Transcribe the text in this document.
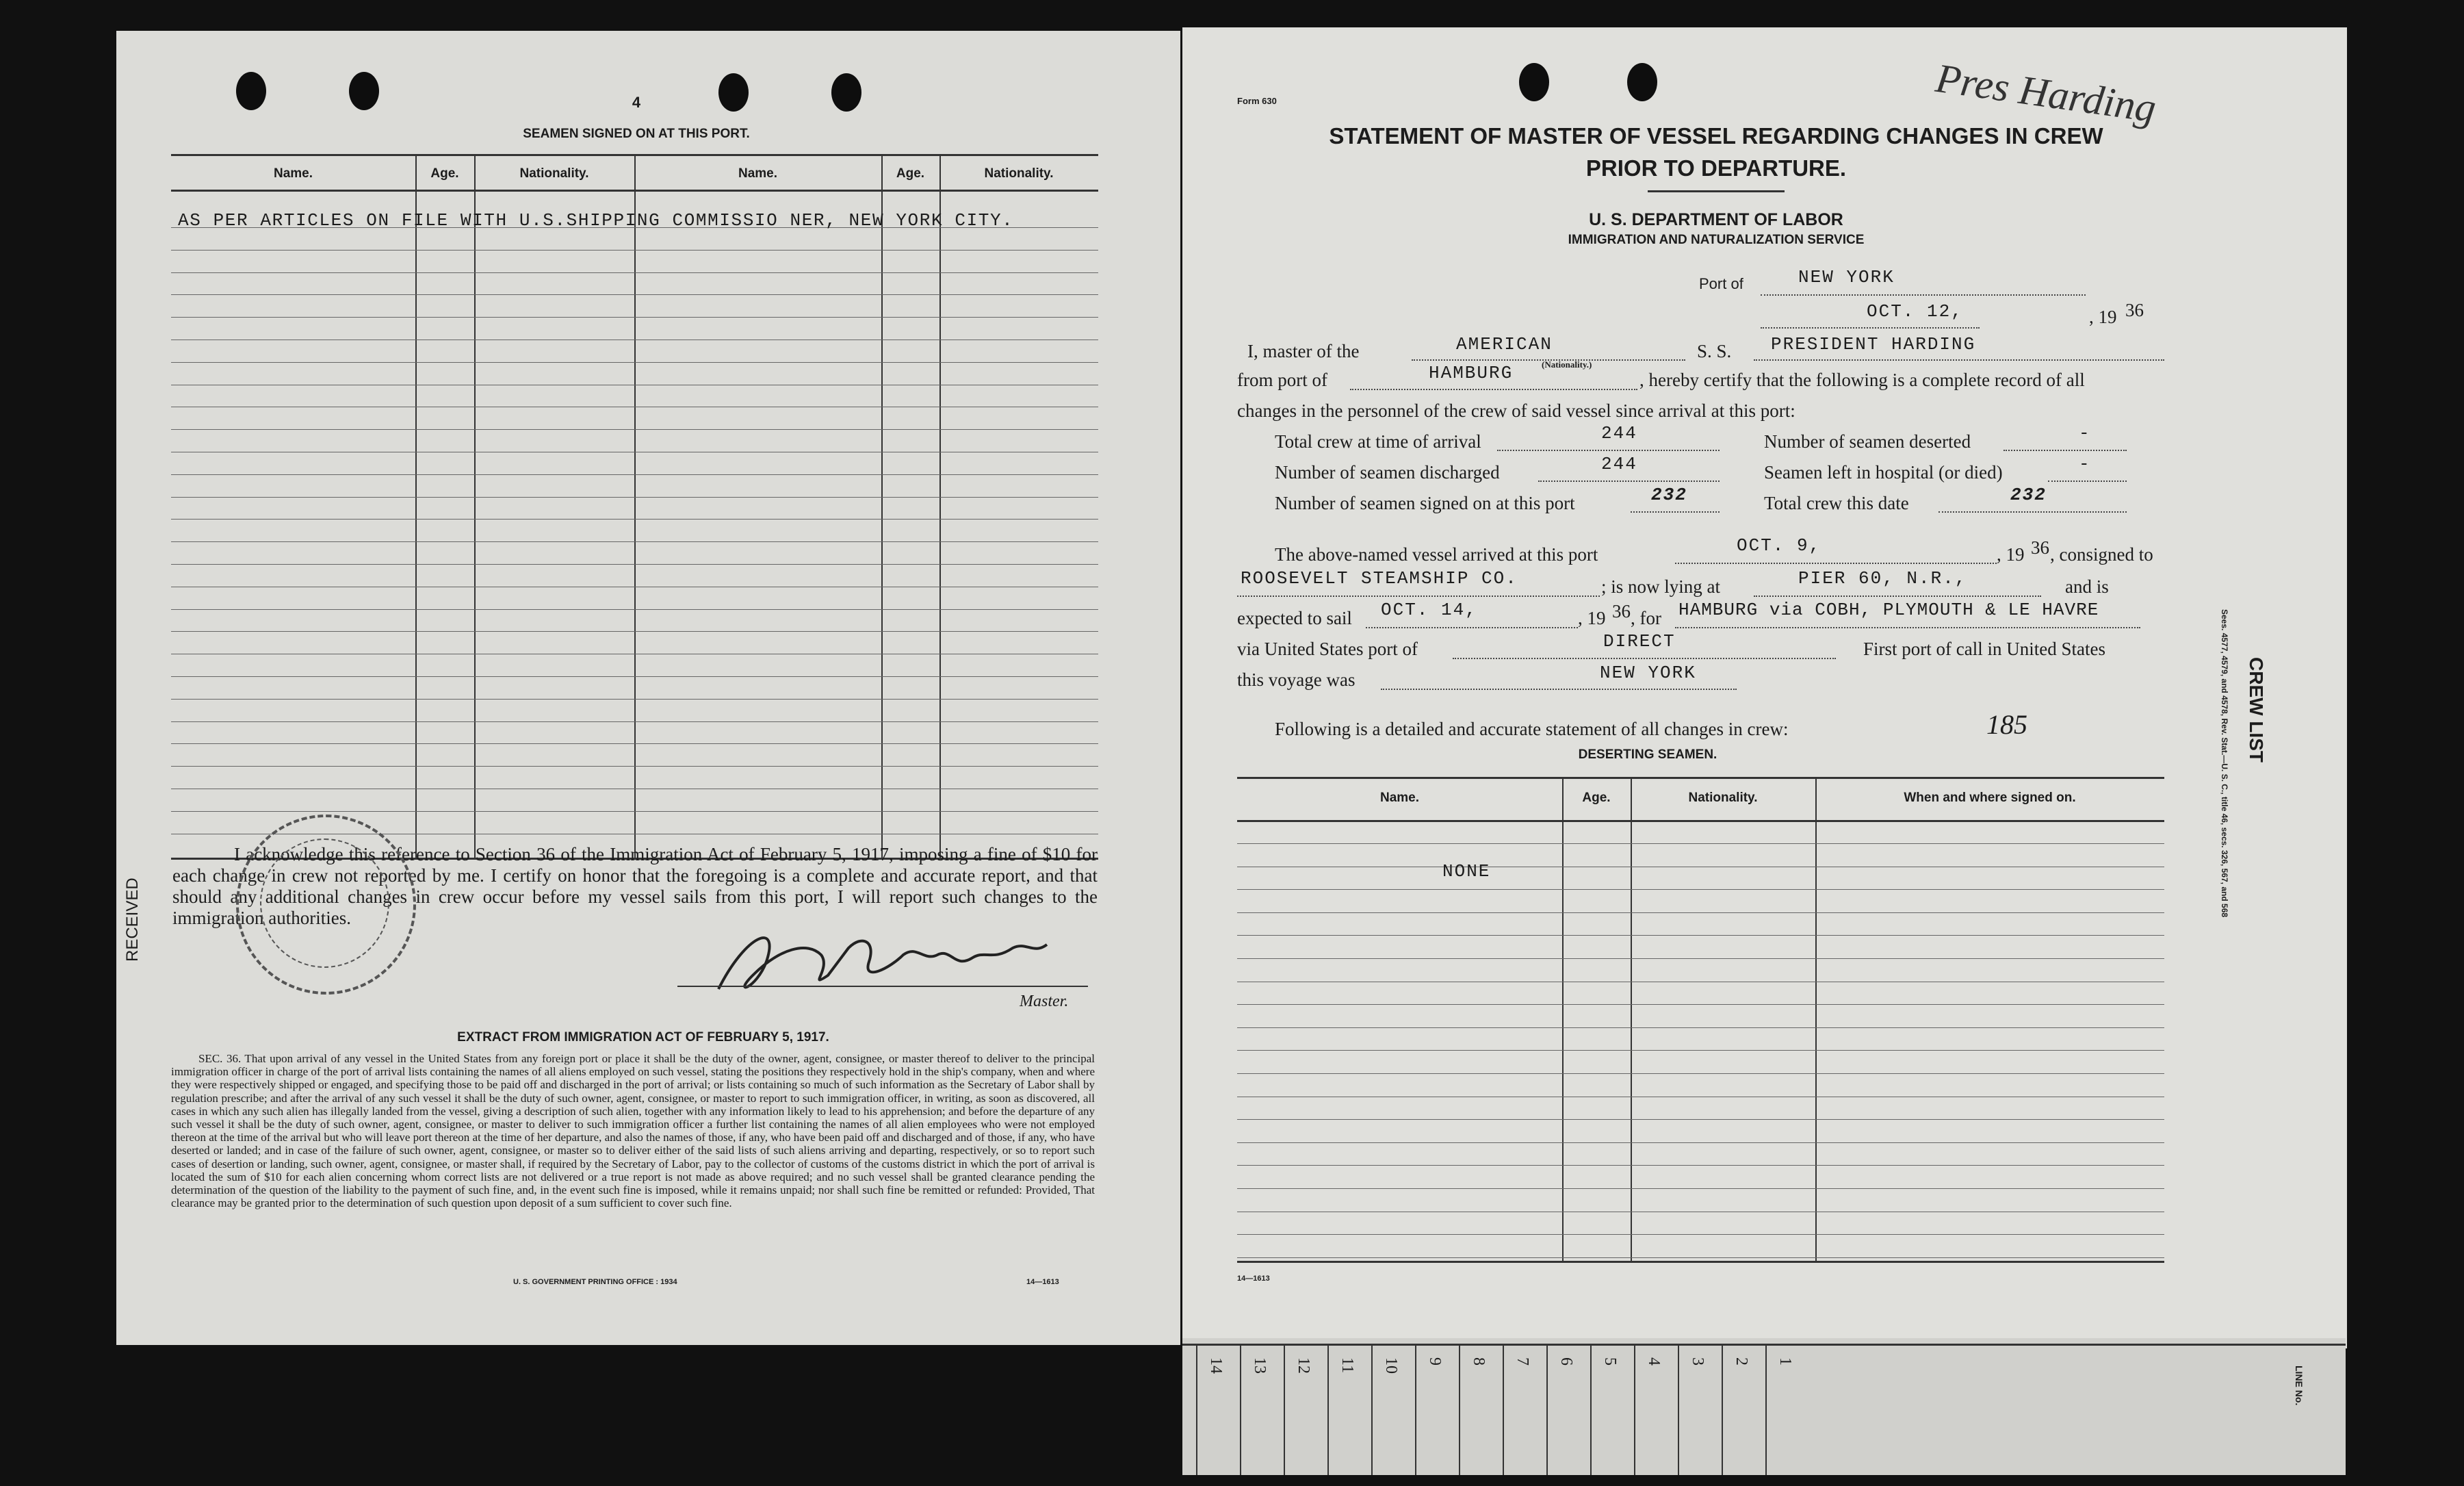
4
SEAMEN SIGNED ON AT THIS PORT.
Name.	Age.	Nationality.	Name.	Age.	Nationality.
AS PER ARTICLES ON FILE WITH U.S.SHIPPING COMMISSIO NER, NEW YORK CITY.
I acknowledge this reference to Section 36 of the Immigration Act of February 5, 1917, imposing a fine of $10 for each change in crew not reported by me. I certify on honor that the foregoing is a complete and accurate report, and that should any additional changes in crew occur before my vessel sails from this port, I will report such changes to the immigration authorities.
RECEIVED	J. C. Roberts
Master.
EXTRACT FROM IMMIGRATION ACT OF FEBRUARY 5, 1917.
SEC. 36. That upon arrival of any vessel in the United States from any foreign port or place it shall be the duty of the owner, agent, consignee, or master thereof to deliver to the principal immigration officer in charge of the port of arrival lists containing the names of all aliens employed on such vessel, stating the positions they respectively hold in the ship's company, when and where they were respectively shipped or engaged, and specifying those to be paid off and discharged in the port of arrival; or lists containing so much of such information as the Secretary of Labor shall by regulation prescribe; and after the arrival of any such vessel it shall be the duty of such owner, agent, consignee, or master to report to such immigration officer, in writing, as soon as discovered, all cases in which any such alien has illegally landed from the vessel, giving a description of such alien, together with any information likely to lead to his apprehension; and before the departure of any such vessel it shall be the duty of such owner, agent, consignee, or master to deliver to such immigration officer a further list containing the names of all alien employees who were not employed thereon at the time of the arrival but who will leave port thereon at the time of her departure, and also the names of those, if any, who have been paid off and discharged and of those, if any, who have deserted or landed; and in case of the failure of such owner, agent, consignee, or master so to deliver either of the said lists of such aliens arriving and departing, respectively, or so to report such cases of desertion or landing, such owner, agent, consignee, or master shall, if required by the Secretary of Labor, pay to the collector of customs of the customs district in which the port of arrival is located the sum of $10 for each alien concerning whom correct lists are not delivered or a true report is not made as above required; and no such vessel shall be granted clearance pending the determination of the question of the liability to the payment of such fine, and, in the event such fine is imposed, while it remains unpaid; nor shall such fine be remitted or refunded: Provided, That clearance may be granted prior to the determination of such question upon deposit of a sum sufficient to cover such fine.
U. S. GOVERNMENT PRINTING OFFICE : 1934	14—1613
Form 630	Pres Harding
STATEMENT OF MASTER OF VESSEL REGARDING CHANGES IN CREW
PRIOR TO DEPARTURE.
U. S. DEPARTMENT OF LABOR
IMMIGRATION AND NATURALIZATION SERVICE
Port of	NEW YORK
OCT. 12,	, 19 36
I, master of the	AMERICAN
(Nationality.)
S. S. PRESIDENT HARDING
from port of	HAMBURG	, hereby certify that the following is a complete record of all
changes in the personnel of the crew of said vessel since arrival at this port:
Total crew at time of arrival	244	Number of seamen deserted	-
Number of seamen discharged	244	Seamen left in hospital (or died)	-
Number of seamen signed on at this port	232	Total crew this date	232
The above-named vessel arrived at this port	OCT. 9,	, 19 36 , consigned to
ROOSEVELT STEAMSHIP CO.	; is now lying at	PIER 60, N.R.,	and is
expected to sail OCT. 14,	, 19 36 , for HAMBURG via COBH, PLYMOUTH & LE HAVRE
via United States port of	DIRECT	First port of call in United States
this voyage was	NEW YORK
Following is a detailed and accurate statement of all changes in crew:	185
DESERTING SEAMEN.
Name.	Age.	Nationality.	When and where signed on.
NONE
14—1613
CREW LIST
Sees. 4577, 4579, and 4578, Rev. Stat.—U. S. C., title 46, secs. 326, 567, and 568
14 13 12 11 10 9 8 7 6 5 4 3 2 1
LINE No.
